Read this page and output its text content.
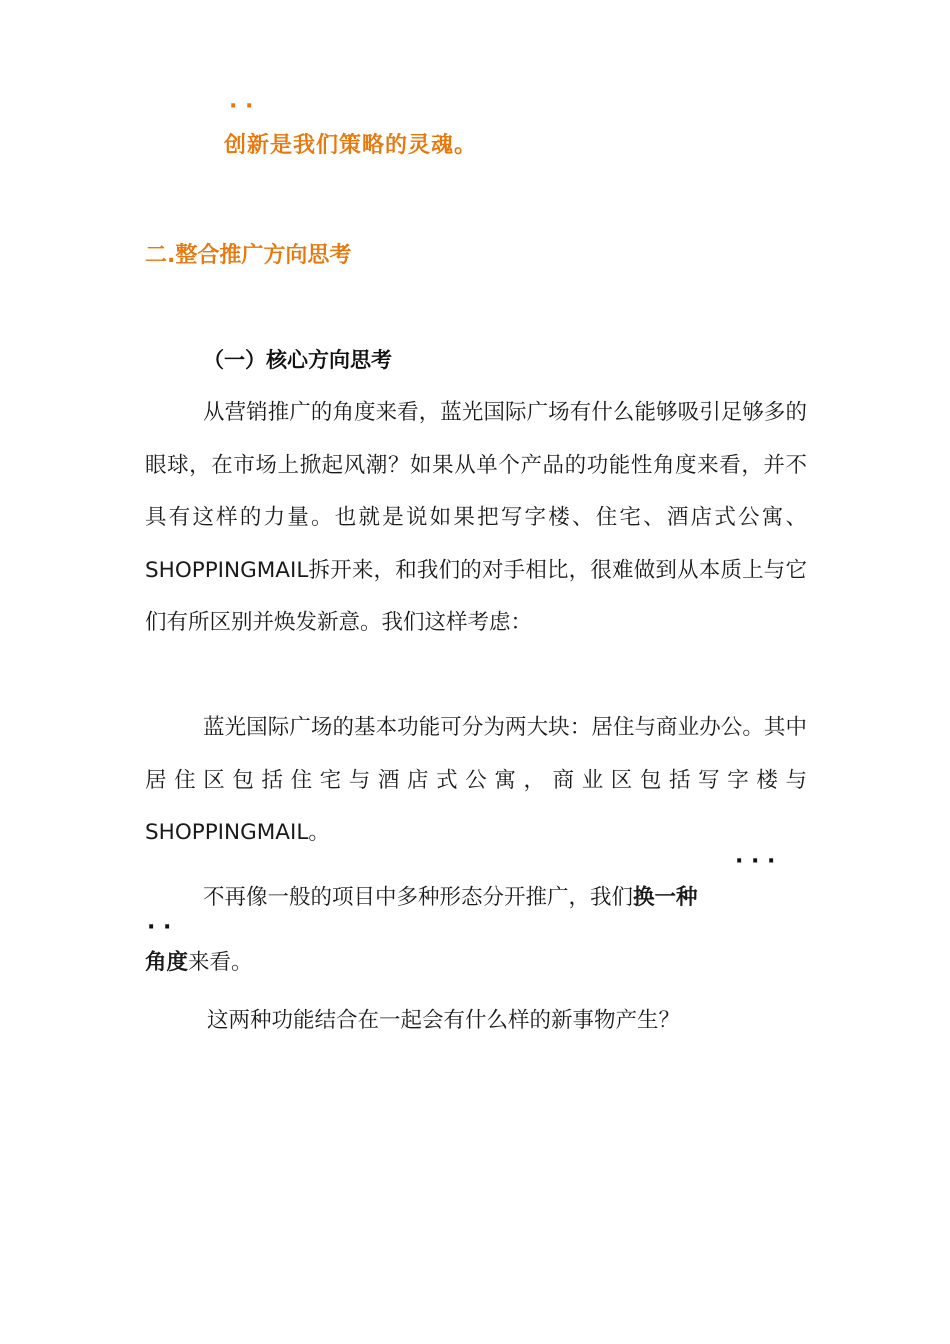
· ·
创新是我们策略的灵魂。
二.整合推广方向思考
（一）核心方向思考

从营销推广的角度来看，蓝光国际广场有什么能够吸引足够多的眼球，在市场上掀起风潮？如果从单个产品的功能性角度来看，并不具有这样的力量。也就是说如果把写字楼、住宅、酒店式公寓、SHOPPINGMAIL拆开来，和我们的对手相比，很难做到从本质上与它们有所区别并焕发新意。我们这样考虑：

蓝光国际广场的基本功能可分为两大块：居住与商业办公。其中居住区包括住宅与酒店式公寓，商业区包括写字楼与SHOPPINGMAIL。

· · ·
不再像一般的项目中多种形态分开推广，我们换一种
· ·
角度来看。
这两种功能结合在一起会有什么样的新事物产生？
